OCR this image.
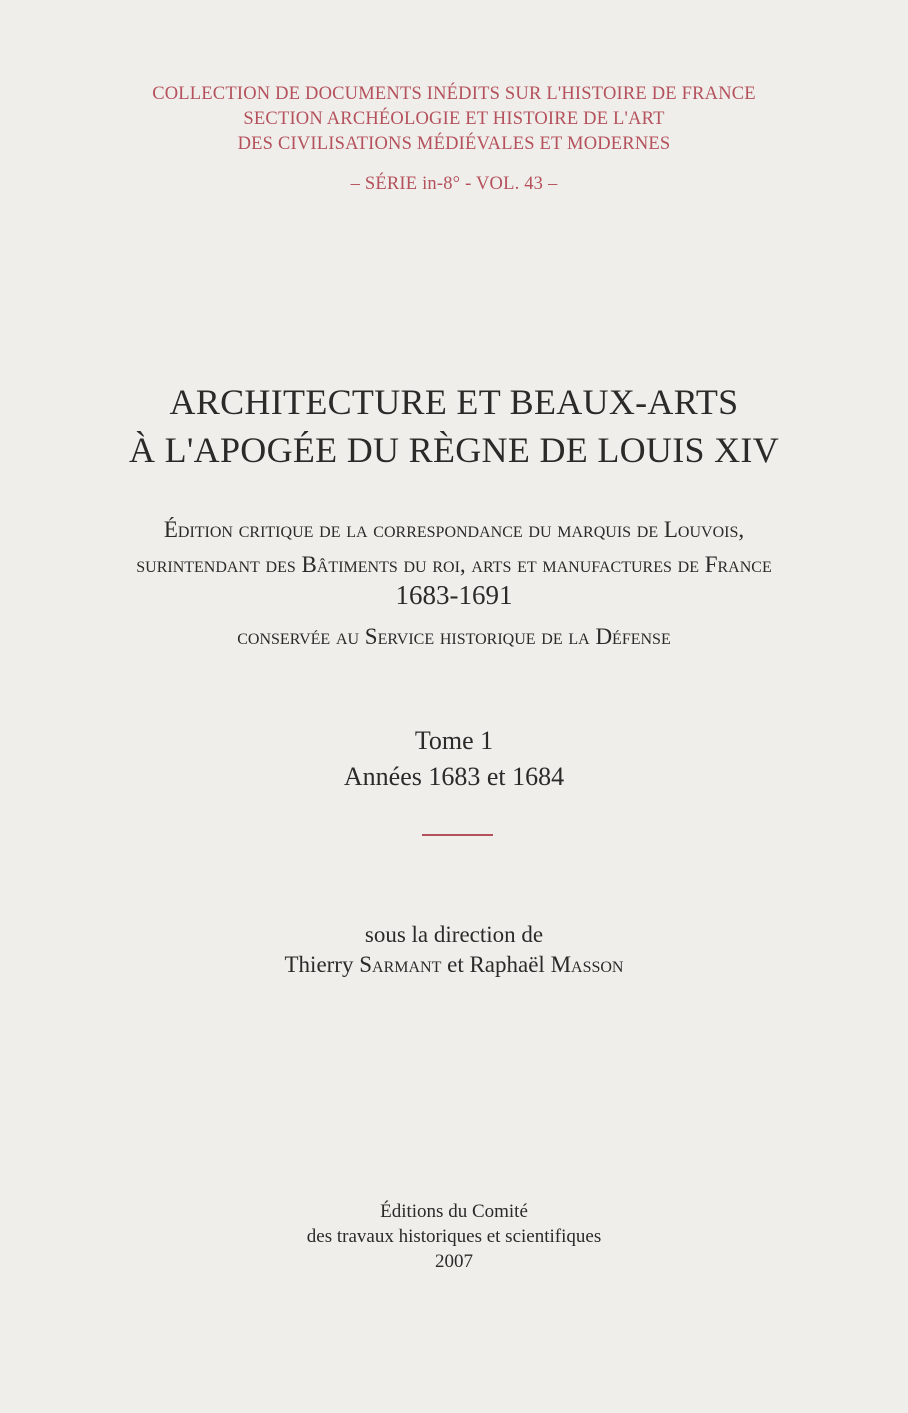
COLLECTION DE DOCUMENTS INÉDITS SUR L'HISTOIRE DE FRANCE
SECTION ARCHÉOLOGIE ET HISTOIRE DE L'ART
DES CIVILISATIONS MÉDIÉVALES ET MODERNES
– SÉRIE in-8° - VOL. 43 –
ARCHITECTURE ET BEAUX-ARTS
À L'APOGÉE DU RÈGNE DE LOUIS XIV
Édition critique de la correspondance du marquis de Louvois,
surintendant des Bâtiments du roi, arts et manufactures de France
1683-1691
conservée au Service historique de la Défense
Tome 1
Années 1683 et 1684
sous la direction de
Thierry Sarmant et Raphaël Masson
Éditions du Comité
des travaux historiques et scientifiques
2007
